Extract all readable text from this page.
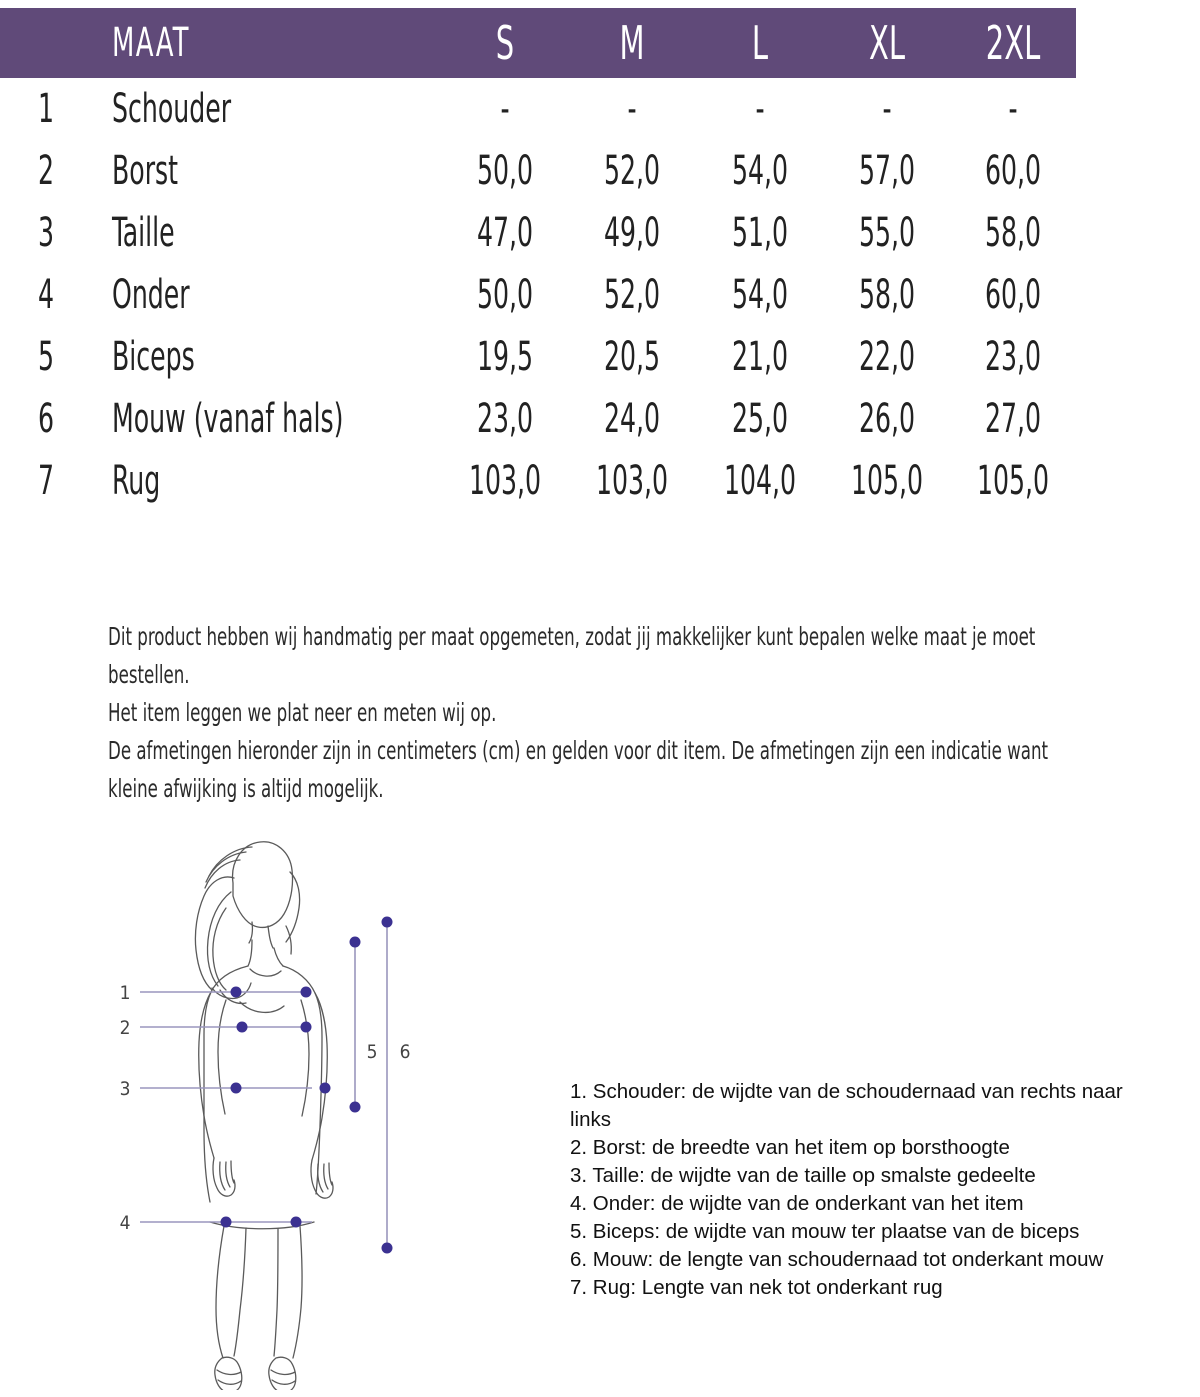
MAAT	S M L XL 2XL
1 Schouder	-	-	-	-	-
2 Borst	50,0 52,0 54,0 57,0 60,0
3 Taille	47,0 49,0 51,0 55,0 58,0
4 Onder	50,0 52,0 54,0 58,0 60,0
5 Biceps	19,5 20,5 21,0 22,0 23,0
6 Mouw (vanaf hals)	23,0 24,0 25,0 26,0 27,0
7 Rug	103,0 103,0 104,0 105,0 105,0

Dit product hebben wij handmatig per maat opgemeten, zodat jij makkelijker kunt bepalen welke maat je moet

bestellen.

Het item leggen we plat neer en meten wij op.

De afmetingen hieronder zijn in centimeters (cm) en gelden voor dit item. De afmetingen zijn een indicatie want

kleine afwijking is altijd mogelijk.

1
2
3
4
5 6
1. Schouder: de wijdte van de schoudernaad van rechts naar
links
2. Borst: de breedte van het item op borsthoogte
3. Taille: de wijdte van de taille op smalste gedeelte
4. Onder: de wijdte van de onderkant van het item
5. Biceps: de wijdte van mouw ter plaatse van de biceps
6. Mouw: de lengte van schoudernaad tot onderkant mouw
7. Rug: Lengte van nek tot onderkant rug
